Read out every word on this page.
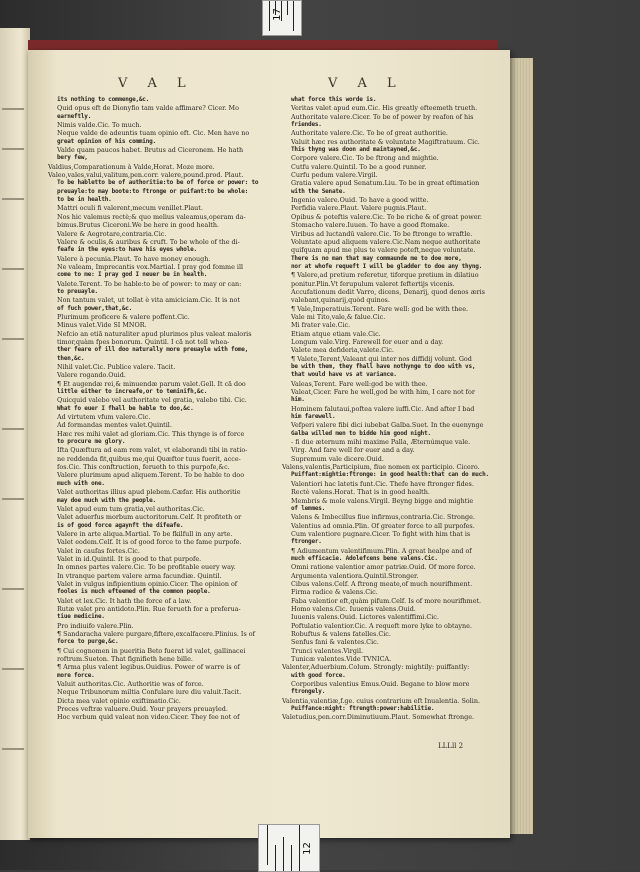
17
V A L	V A L
its nothing to commenge,&c.
Quid opus eft de Dionyfio tam valde affimare? Cicer. Mo
earneftly.
Nimis valde.Cic. To much.
Neque valde de adeuntis tuam opinio eft. Cic. Men have no
great opinion of his comming.
Valde quam paucos habet. Brutus ad Ciceronem. He hath
bery few,
Valdius,Comparationum à Valde,Horat. Moze more.
Valeo,vales,valui,valitum,pen.corr. valere,pound.prod. Plaut.
To be habletto be of authoritie:to be of force or power: to
preuayle:to may boote:to ftronge or puifant:to be whole:
to be in health.
Mattri oculi fi valerent,mecum venillet.Plaut.
Nos hic valemus rectè;& quo melius valeamus,operam da-
bimus.Brutus Ciceroni.We be here in good health.
Valere & Aegrotare,contraria.Cic.
Valere & oculis,& auribus & cruft. To be whole of the di-
feafe in the eyes:to have his eyes whole.
Valere à pecunia.Plaut. To have money enough.
Ne valeam, Imprecantis vox.Martial. I pray god fomme ill
come to me: I pray god I neuer be in health.
Valete.Terent. To be hable:to be of power: to may or can:
to preuayle.
Non tantum valet, ut tollat è vita amiciciam.Cic. It is not
of fuch power,that,&c.
Plurimum proficere & valere poffent.Cic.
Minus valet.Vide SI MNOR.
Nefcio an etiã naturaliter apud plurimos plus valeat maloris
timor,quàm fpes bonorum. Quintil. I cã not tell whea-
ther feare of ill doo naturally more preuayle with fome,
then,&c.
Nihil valet.Cic. Publice valere. Tacit.
Valere rogando.Ouid.
¶ Et augendæ rei,& minuendæ parum valet.Gell. It cã doo
little either to increafe,or to teminifh,&c.
Quicquid valebo vel authoritate vel gratia, valebo tibi. Cic.
What fo euer I fhall be hable to doo,&c.
Ad virtutem vfum valere.Cic.
Ad formandas mentes valet.Quintil.
Hæc res mihi valet ad gloriam.Cic. This thynge is of force
to procure me glory.
Ifta Quæftura ad eam rem valet, vt elaborandi tibi in ratio-
ne reddenda fit,quibus me,qui Quæftor tuus fuerit, acce-
fos.Cic. This conftruction, ferueth to this purpofe,&c.
Valere plurimum apud aliquem.Terent. To be hable to doo
much with one.
Valet authoritas illius apud plebem.Cæfar. His authoritie
may doe much with the people.
Valet apud eum tum gratia,vel authoritas.Cic.
Valet aduerfus morbum auctoritorum.Celf. It profiteth or
is of good force agaynft the difeafe.
Valere in arte aliqua.Martial. To be fkilfull in any arte.
Valet eodem.Celf. It is of good force to the fame purpofe.
Valet in caufas fortes.Cic.
Valet in id.Quintil. It is good to that purpofe.
In omnes partes valere.Cic. To be profitable euery way.
In vtranque partem valere arma facundiæ. Quintil.
Valet in vulgus infipientium opinio.Cicer. The opinion of
fooles is much efteemed of the common people.
Valet et lex.Cic. It hath the force of a law.
Rutæ valet pro antidoto.Plin. Rue ferueth for a preferua-
tiue medicine.
Pro indiuifo valere.Plin.
¶ Sandaracha valere purgare,fiftere,excalfacere.Plinius. Is of
force to purge,&c.
¶ Cui cognomen in pueritia Beto fuerat id valet, gallinacei
roftrum.Sueton. That fignifieth hene bille.
¶ Arma plus valent legibus.Ouidius. Power of warre is of
more force.
Valuit authoritas.Cic. Authoritie was of force.
Neque Tribunorum miltia Confulare iure diu valuit.Tacit.
Dicta mea valet opinio exiftimatio.Cic.
Preces veftræ valuere.Ouid. Your prayers preuayled.
Hoc verbum quid valeat non video.Cicer. They fee not of
what force this worde is.
Veritas valet apud eum.Cic. His greatly efteemeth trueth.
Authoritate valere.Cicer. To be of power by reafon of his
friendes.
Authoritate valere.Cic. To be of great authoritie.
Valuit hæc res authoritate & voluntate Magiftratuum. Cic.
This thyng was doon and maintayned,&c.
Corpore valere.Cic. To be ftrong and mightie.
Cutfu valere.Quintil. To be a good runner.
Curfu pedum valere.Virgil.
Gratia valere apud Senatum.Liu. To be in great eftimation
with the Senate.
Ingenio valere.Ouid. To have a good witte.
Perfidia valere.Plaut. Valere pugnis.Plaut.
Opibus & poteftis valere.Cic. To be riche & of great power.
Stomacho valere.Iuuen. To have a good ftomake.
Viribus ad luctandū valere.Cic. To be ftronge to wraftle.
Voluntate apud aliquem valere.Cic.Nam neque authoritate
quifquam apud me plus te valere poteft,neque voluntate.
There is no man that may commaunde me to doe more,
nor at whofe requeft I will be gladder to doe any thyng.
¶ Valere,ad pretium referetur, tiforque pretium in dilatiuo
ponitur.Plin.Vt ferupulum valeret feftertijs vicenis.
Accufationum dedit Varro, dicens, Denarij, quod denos æris
valebant,quinarij,quòd quinos.
¶ Vale,Imperatiuis.Terent. Fare well: god be with thee.
Vale mi Tito,vale,& falue.Cic.
Mi frater vale.Cic.
Etiam atque etiam vale.Cic.
Longum vale.Virg. Farewell for euer and a day.
Valete mea defideria,valete.Cic.
¶ Valete,Terent,Valeant qui inter nos diffidij volunt. God
be with them, they fhall have nothynge to doo with vs,
that would have vs at variance.
Valeas,Terent. Fare well:god be with thee.
Valeat,Cicer. Fare he well,god be with him, I care not for
him.
Hominem falutaui,poftea valere iuffi.Cic. And after I bad
him farewell.
Vefperi valere fibi dici iubebat Galba.Suet. In the euenynge
Galba willed men to bidde him good night.
- fi due æternum mihi maxime Palla, Æternúmque vale.
Virg. And fare well for euer and a day.
Supremum vale dicere.Ouid.
Valens,valentis,Participium, fiue nomen ex participio. Cicero.
Puiffant:mightie:ftronge: in good health:that can do much.
Valentiori hac latetis funt.Cic. Thefe have ftronger fides.
Rectè valens.Horat. That is in good health.
Membris & mole valens.Virgil. Beyng bigge and mightie
of lemmes.
Valens & Imbecillus fiue infirmus,contraria.Cic. Stronge.
Valentius ad omnia.Plin. Of greater force to all purpofes.
Cum valentiore pugnare.Cicer. To fight with him that is
ftronger.
¶ Adiumentum valentifimum.Plin. A great healpe and of
much efficacie. Adolefcens bene valens.Cic.
Omni ratione valentior amor patriæ.Ouid. Of more force.
Argumenta valentiora.Quintil.Stronger.
Cibus valens.Celf. A ftrong meate,of much nourifhment.
Firma radice & valens.Cic.
Faba valentior eft,quàm pifum.Celf. Is of more nourifhmet.
Homo valens.Cic. Iuuenis valens.Ouid.
Iuuenis valens.Ouid. Lictores valentiffimi.Cic.
Poftulatio valentior.Cic. A requeft more lyke to obtayne.
Robuftus & valens fatelles.Cic.
Senfus fani & valentes.Cic.
Trunci valentes.Virgil.
Tunicæ valentes.Vide TVNICA.
Valenter,Aduerbium.Colum. Strongly: mightily: puiffantly:
with good force.
Corporibus valentius Emus.Ouid. Begane to blow more
ftrongely.
Valentia,valentiæ,f.ge. cuius contrarium eft Inualentia. Solin.
Puiffance:might: ftrength:power:habilitie.
Valetudius,pen.corr.Diminutiuum.Plaut. Somewhat ftronge.
LLLll 2
12
